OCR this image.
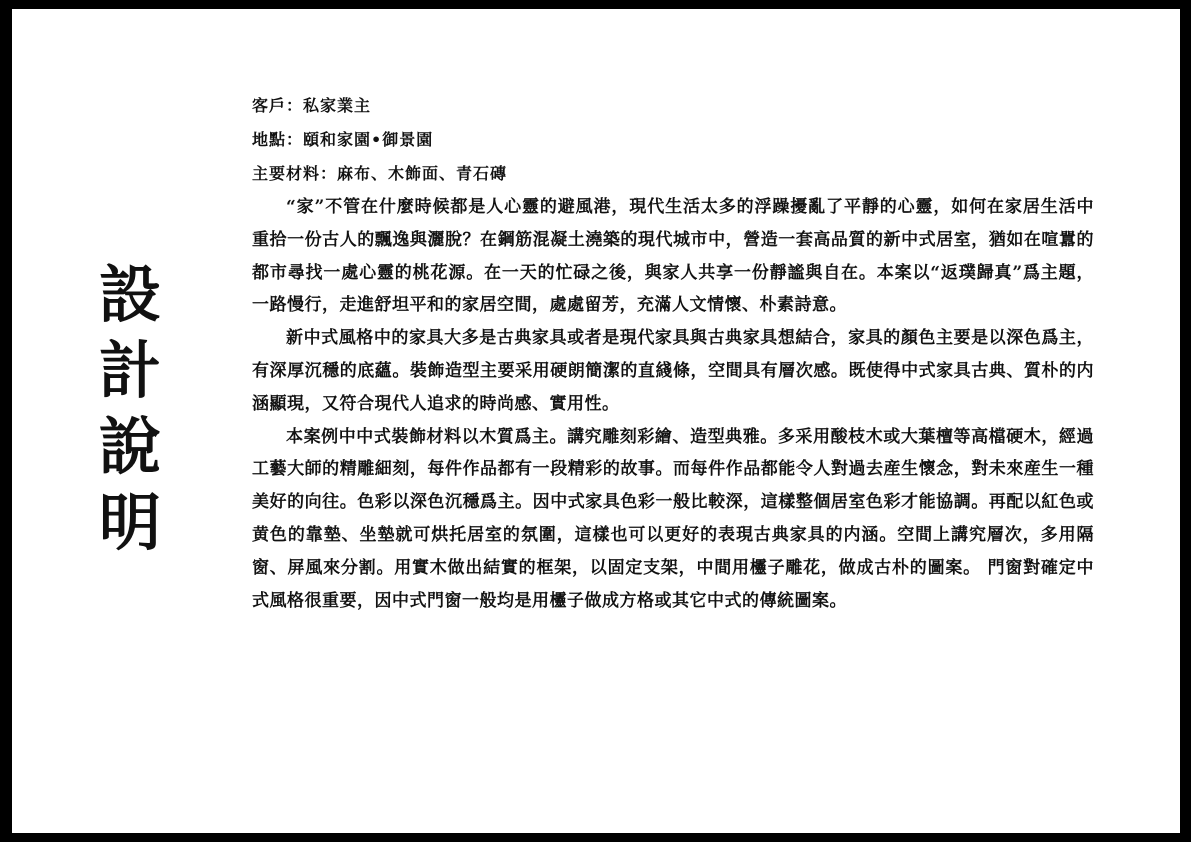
設計說明

客戶：私家業主

地點：頤和家園•御景園

主要材料：麻布、木飾面、青石磚

“家”不管在什麼時候都是人心靈的避風港，現代生活太多的浮躁擾亂了平靜的心靈，如何在家居生活中重拾一份古人的飄逸與灑脫？在鋼筋混凝土澆築的現代城市中，營造一套高品質的新中式居室，猶如在喧囂的都市尋找一處心靈的桃花源。在一天的忙碌之後，與家人共享一份靜謐與自在。本案以“返璞歸真”爲主題，一路慢行，走進舒坦平和的家居空間，處處留芳，充滿人文情懷、朴素詩意。

新中式風格中的家具大多是古典家具或者是現代家具與古典家具想結合，家具的顏色主要是以深色爲主，有深厚沉穩的底蘊。裝飾造型主要采用硬朗簡潔的直綫條，空間具有層次感。既使得中式家具古典、質朴的内涵顯現，又符合現代人追求的時尚感、實用性。

本案例中中式裝飾材料以木質爲主。講究雕刻彩繪、造型典雅。多采用酸枝木或大葉檀等高檔硬木，經過工藝大師的精雕細刻，每件作品都有一段精彩的故事。而每件作品都能令人對過去産生懷念，對未來産生一種美好的向往。色彩以深色沉穩爲主。因中式家具色彩一般比較深，這樣整個居室色彩才能協調。再配以紅色或黄色的靠墊、坐墊就可烘托居室的氛圍，這樣也可以更好的表現古典家具的内涵。空間上講究層次，多用隔窗、屏風來分割。用實木做出結實的框架，以固定支架，中間用欞子雕花，做成古朴的圖案。 門窗對確定中式風格很重要，因中式門窗一般均是用欞子做成方格或其它中式的傳統圖案。
